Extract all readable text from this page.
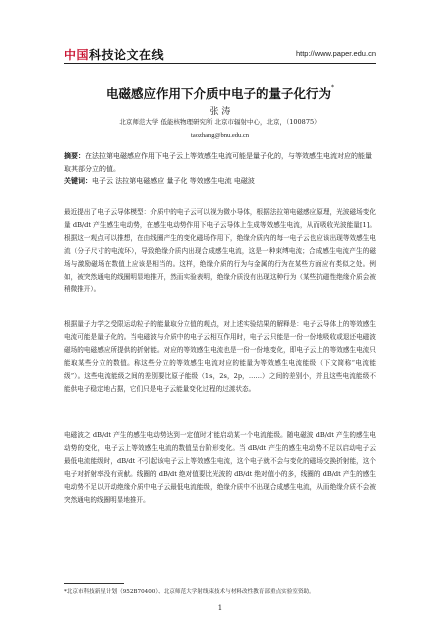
中国科技论文在线	http://www.paper.edu.cn
电磁感应作用下介质中电子的量子化行为*
张 涛
北京师范大学 低能核物理研究所 北京市辐射中心，北京，（100875）
taozhang@bnu.edu.cn
摘要：在法拉第电磁感应作用下电子云上等效感生电流可能是量子化的，与等效感生电流对应的能量取其部分立的值。
关键词：电子云 法拉第电磁感应 量子化 等效感生电流 电磁波
最近提出了电子云导体模型：介质中的电子云可以视为微小导体，根据法拉第电磁感应原理，光波磁场变化量 dB/dt 产生感生电动势，在感生电动势作用下电子云导体上生成等效感生电流，从而吸收光波能量[1]。根据这一观点可以推想，在由线圈产生的变化磁场作用下，绝缘介质内的每一电子云也应该出现等效感生电流（分子尺寸的电流环），导致绝缘介质内出现合成感生电流，这是一种束缚电流；合成感生电流产生的磁场与激励磁场在数值上应该是相当的。这样，绝缘介质的行为与金属的行为在某些方面应有类似之处。例如，被突然通电的线圈明显地推开，然而实验表明，绝缘介质没有出现这种行为（某些抗磁性绝缘介质会被稍微推开）。
根据量子力学之受限运动粒子的能量取分立值的观点，对上述实验结果的解释是：电子云导体上的等效感生电流可能是量子化的。当电磁波与介质中的电子云相互作用时，电子云只能是一份一份地吸收或退还电磁波磁场的电磁感应所提供的折射能。对应的等效感生电流也是一份一份地变化，即电子云上的等效感生电流只能取某些分立的数值。称这些分立的等效感生电流对应的能量为等效感生电流能级（下文简称“电流能级”）。这些电流能级之间的差别要比原子能级（1s，2s，2p，……）之间的差别小，并且这些电流能级不能供电子稳定地占据，它们只是电子云能量变化过程的过渡状态。
电磁波之 dB/dt 产生的感生电动势达到一定值时才能启动某一个电流能级。随电磁波 dB/dt 产生的感生电动势的变化，电子云上等效感生电流的数值呈台阶形变化。当 dB/dt 产生的感生电动势不足以启动电子云最低电流能级时，dB/dt 不引起该电子云上等效感生电流，这个电子就不会与变化的磁场交换折射能，这个电子对折射率没有贡献。线圈的 dB/dt 绝对值要比光波的 dB/dt 绝对值小的多，线圈的 dB/dt 产生的感生电动势不足以开动绝缘介质中电子云最低电流能级，绝缘介质中不出现合成感生电流，从而绝缘介质不会被突然通电的线圈明显地推开。
*北京市科技新星计划（952B70400）、北京师范大学射线束技术与材料改性教育部重点实验室资助。
1
